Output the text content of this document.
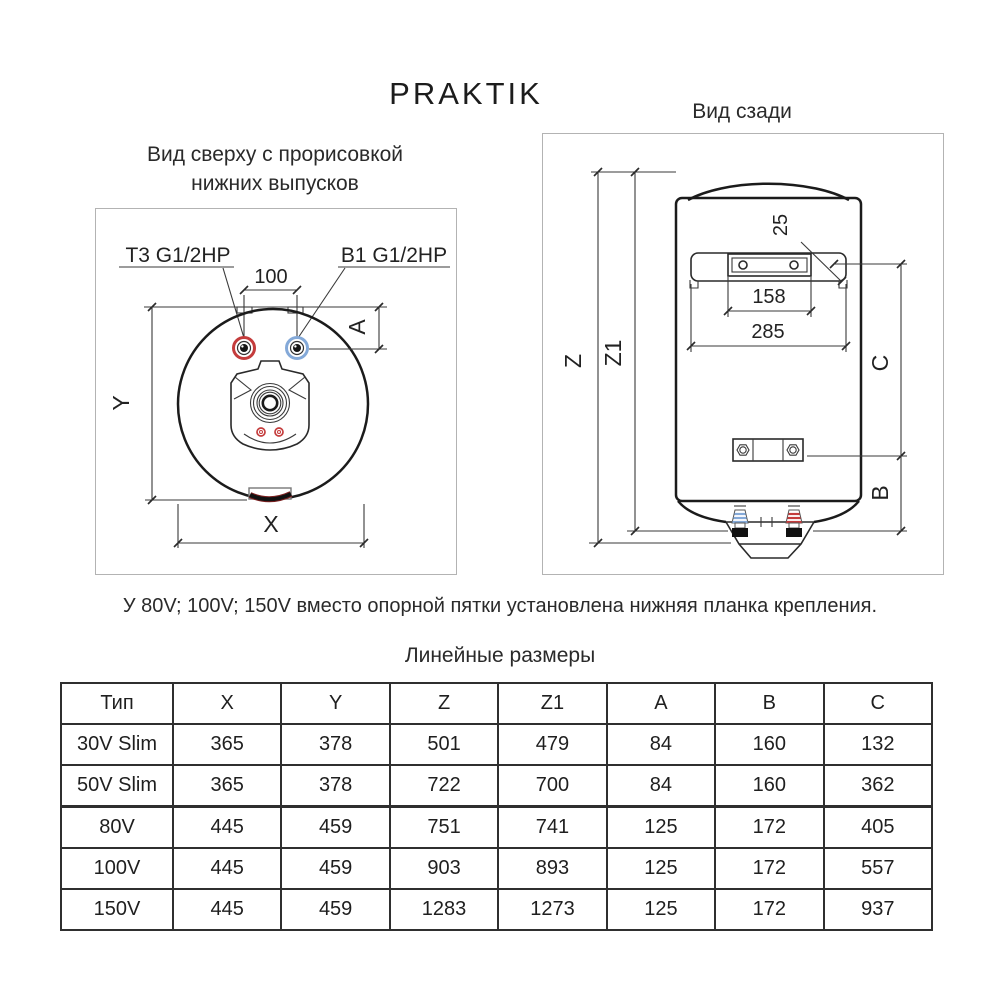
PRAKTIK
Вид сверху с прорисовкой
нижних выпусков
Вид сзади
T3 G1/2HP	B1 G1/2HP
100
A
Y
X
25
158
285
Z Z1	C
B
У 80V; 100V; 150V вместо опорной пятки установлена нижняя планка крепления.
Линейные размеры
Тип	X	Y	Z	Z1	A	B	C
30V Slim	365	378	501	479	84	160	132
50V Slim	365	378	722	700	84	160	362
80V	445	459	751	741	125	172	405
100V	445	459	903	893	125	172	557
150V	445	459	1283	1273	125	172	937
